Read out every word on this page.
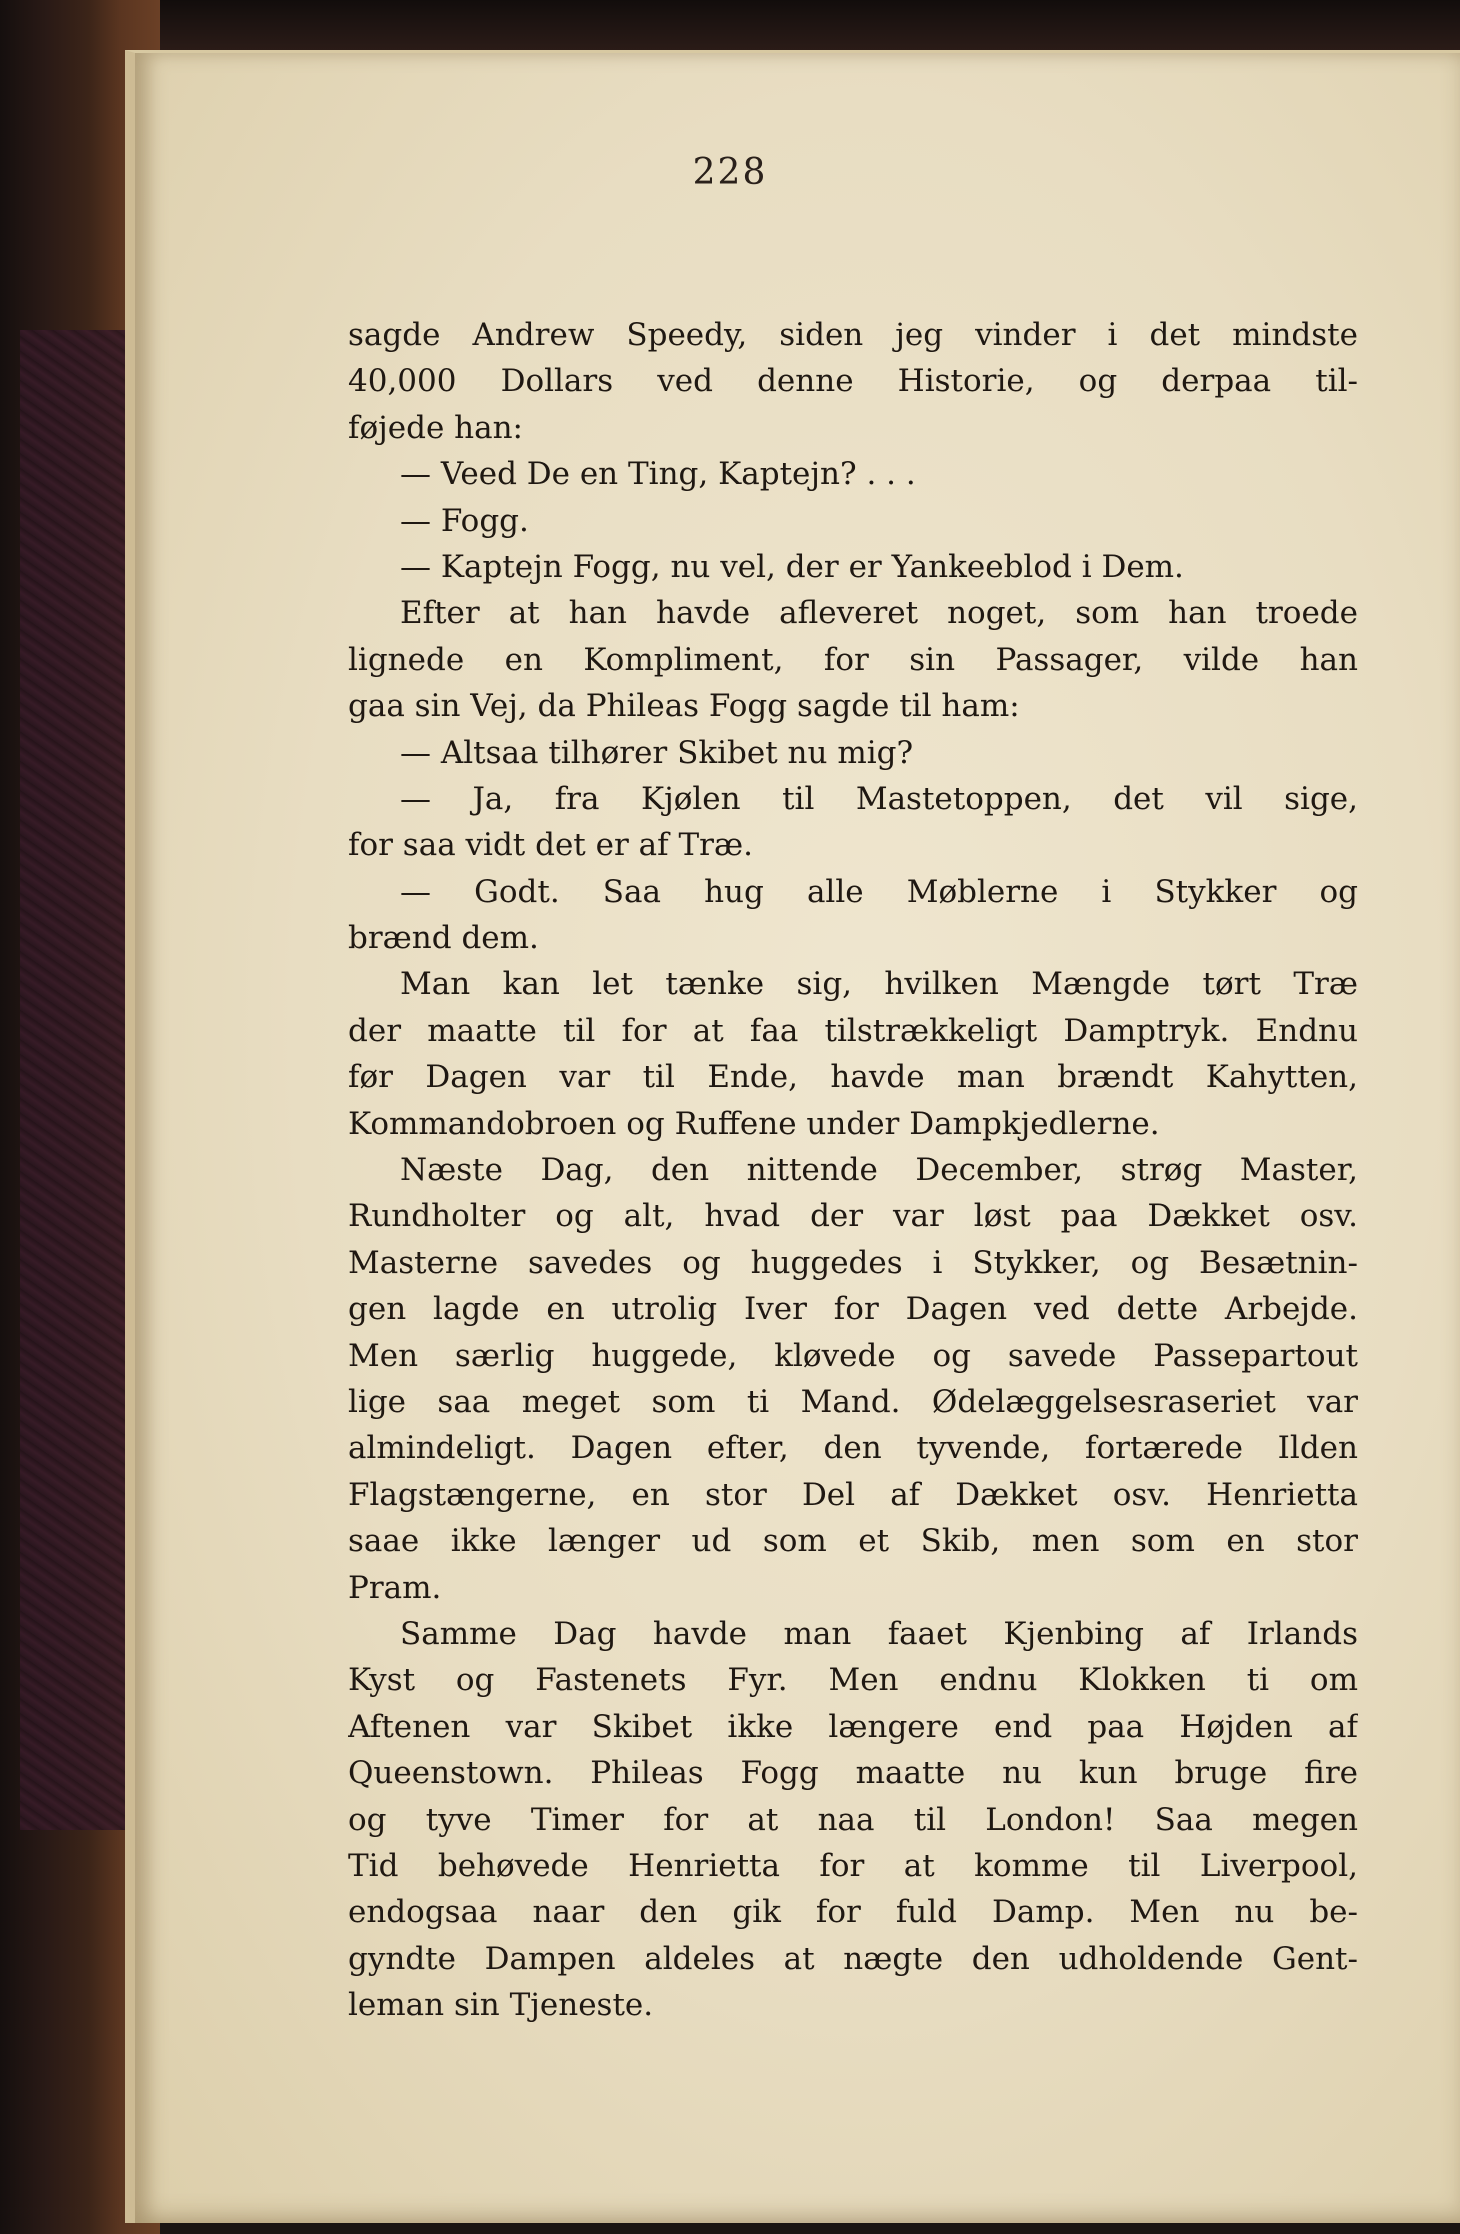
228
sagde Andrew Speedy, siden jeg vinder i det mindste
40,000 Dollars ved denne Historie, og derpaa til-
føjede han:
— Veed De en Ting, Kaptejn? . . .
— Fogg.
— Kaptejn Fogg, nu vel, der er Yankeeblod i Dem.
Efter at han havde afleveret noget, som han troede
lignede en Kompliment, for sin Passager, vilde han
gaa sin Vej, da Phileas Fogg sagde til ham:
— Altsaa tilhører Skibet nu mig?
— Ja, fra Kjølen til Mastetoppen, det vil sige,
for saa vidt det er af Træ.
— Godt. Saa hug alle Møblerne i Stykker og
brænd dem.
Man kan let tænke sig, hvilken Mængde tørt Træ
der maatte til for at faa tilstrækkeligt Damptryk. Endnu
før Dagen var til Ende, havde man brændt Kahytten,
Kommandobroen og Ruffene under Dampkjedlerne.
Næste Dag, den nittende December, strøg Master,
Rundholter og alt, hvad der var løst paa Dækket osv.
Masterne savedes og huggedes i Stykker, og Besætnin-
gen lagde en utrolig Iver for Dagen ved dette Arbejde.
Men særlig huggede, kløvede og savede Passepartout
lige saa meget som ti Mand. Ødelæggelsesraseriet var
almindeligt. Dagen efter, den tyvende, fortærede Ilden
Flagstængerne, en stor Del af Dækket osv. Henrietta
saae ikke længer ud som et Skib, men som en stor
Pram.
Samme Dag havde man faaet Kjenbing af Irlands
Kyst og Fastenets Fyr. Men endnu Klokken ti om
Aftenen var Skibet ikke længere end paa Højden af
Queenstown. Phileas Fogg maatte nu kun bruge fire
og tyve Timer for at naa til London! Saa megen
Tid behøvede Henrietta for at komme til Liverpool,
endogsaa naar den gik for fuld Damp. Men nu be-
gyndte Dampen aldeles at nægte den udholdende Gent-
leman sin Tjeneste.
